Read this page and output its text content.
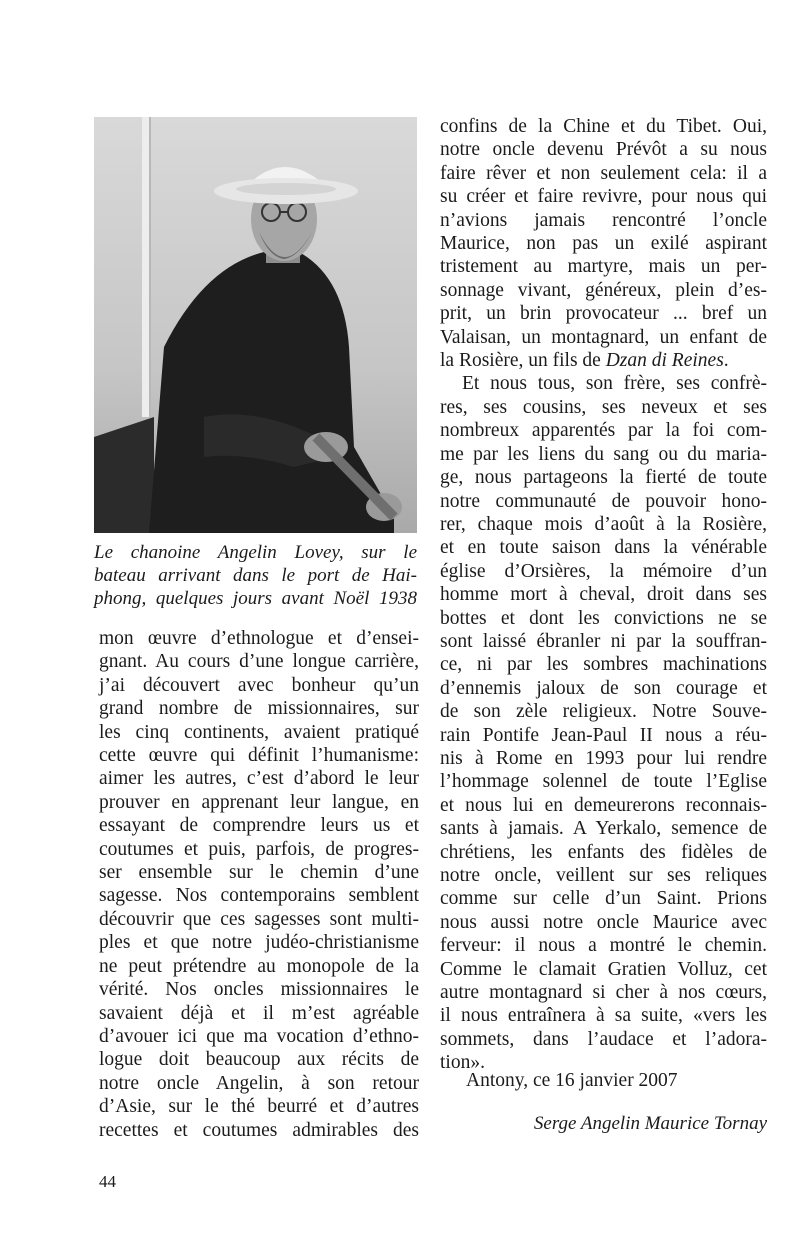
Le chanoine Angelin Lovey, sur le
bateau arrivant dans le port de Hai-
phong, quelques jours avant Noël 1938

mon œuvre d’ethnologue et d’ensei-
gnant. Au cours d’une longue carrière,
j’ai découvert avec bonheur qu’un
grand nombre de missionnaires, sur
les cinq continents, avaient pratiqué
cette œuvre qui définit l’humanisme:
aimer les autres, c’est d’abord le leur
prouver en apprenant leur langue, en
essayant de comprendre leurs us et
coutumes et puis, parfois, de progres-
ser ensemble sur le chemin d’une
sagesse. Nos contemporains semblent
découvrir que ces sagesses sont multi-
ples et que notre judéo-christianisme
ne peut prétendre au monopole de la
vérité. Nos oncles missionnaires le
savaient déjà et il m’est agréable
d’avouer ici que ma vocation d’ethno-
logue doit beaucoup aux récits de
notre oncle Angelin, à son retour
d’Asie, sur le thé beurré et d’autres
recettes et coutumes admirables des
confins de la Chine et du Tibet. Oui,
notre oncle devenu Prévôt a su nous
faire rêver et non seulement cela: il a
su créer et faire revivre, pour nous qui
n’avions jamais rencontré l’oncle
Maurice, non pas un exilé aspirant
tristement au martyre, mais un per-
sonnage vivant, généreux, plein d’es-
prit, un brin provocateur ... bref un
Valaisan, un montagnard, un enfant de
la Rosière, un fils de Dzan di Reines.
Et nous tous, son frère, ses confrè-
res, ses cousins, ses neveux et ses
nombreux apparentés par la foi com-
me par les liens du sang ou du maria-
ge, nous partageons la fierté de toute
notre communauté de pouvoir hono-
rer, chaque mois d’août à la Rosière,
et en toute saison dans la vénérable
église d’Orsières, la mémoire d’un
homme mort à cheval, droit dans ses
bottes et dont les convictions ne se
sont laissé ébranler ni par la souffran-
ce, ni par les sombres machinations
d’ennemis jaloux de son courage et
de son zèle religieux. Notre Souve-
rain Pontife Jean-Paul II nous a réu-
nis à Rome en 1993 pour lui rendre
l’hommage solennel de toute l’Eglise
et nous lui en demeurerons reconnais-
sants à jamais. A Yerkalo, semence de
chrétiens, les enfants des fidèles de
notre oncle, veillent sur ses reliques
comme sur celle d’un Saint. Prions
nous aussi notre oncle Maurice avec
ferveur: il nous a montré le chemin.
Comme le clamait Gratien Volluz, cet
autre montagnard si cher à nos cœurs,
il nous entraînera à sa suite, «vers les
sommets, dans l’audace et l’adora-
tion».
Antony, ce 16 janvier 2007
Serge Angelin Maurice Tornay
44
